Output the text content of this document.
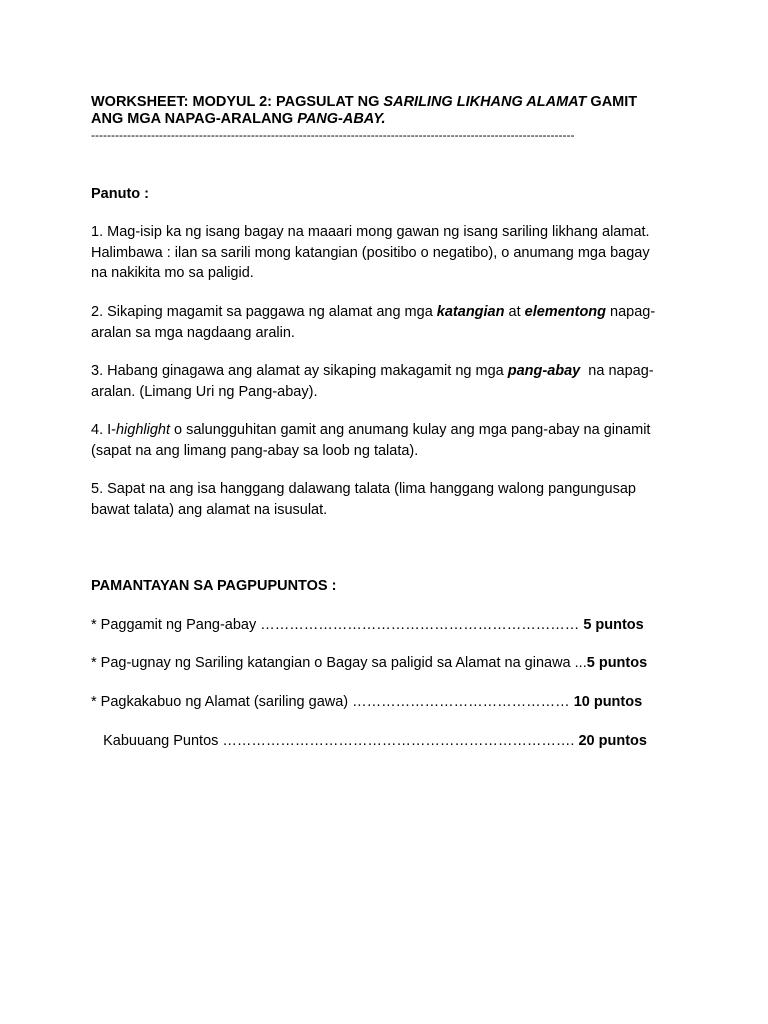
WORKSHEET: MODYUL 2: PAGSULAT NG SARILING LIKHANG ALAMAT GAMIT
ANG MGA NAPAG-ARALANG PANG-ABAY.
-------------------------------------------------------------------------------------------------------------------------
Panuto :
1. Mag-isip ka ng isang bagay na maaari mong gawan ng isang sariling likhang alamat.
Halimbawa : ilan sa sarili mong katangian (positibo o negatibo), o anumang mga bagay
na nakikita mo sa paligid.
2. Sikaping magamit sa paggawa ng alamat ang mga katangian at elementong napag-
aralan sa mga nagdaang aralin.
3. Habang ginagawa ang alamat ay sikaping makagamit ng mga pang-abay  na napag-
aralan. (Limang Uri ng Pang-abay).
4. I-highlight o salungguhitan gamit ang anumang kulay ang mga pang-abay na ginamit
(sapat na ang limang pang-abay sa loob ng talata).
5. Sapat na ang isa hanggang dalawang talata (lima hanggang walong pangungusap
bawat talata) ang alamat na isusulat.
PAMANTAYAN SA PAGPUPUNTOS :
* Paggamit ng Pang-abay ………………………………………………………… 5 puntos
* Pag-ugnay ng Sariling katangian o Bagay sa paligid sa Alamat na ginawa ...5 puntos
* Pagkakabuo ng Alamat (sariling gawa) ……………………………………… 10 puntos
Kabuuang Puntos ………………………………………………………………. 20 puntos
